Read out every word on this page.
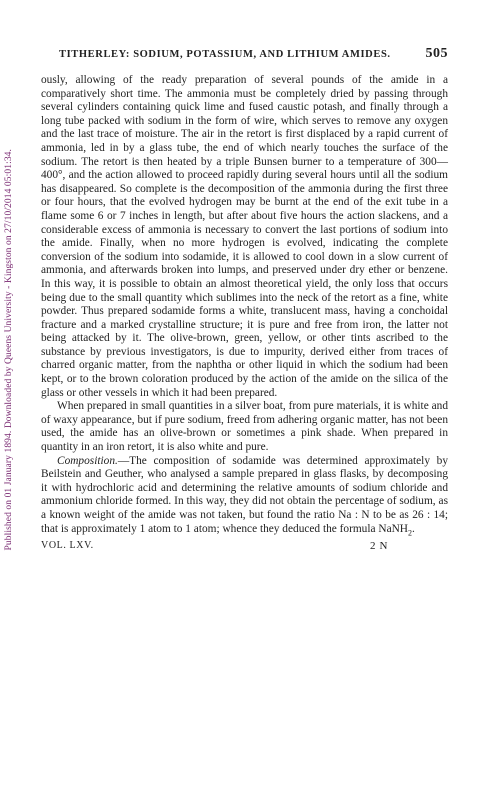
Published on 01 January 1894. Downloaded by Queens University - Kingston on 27/10/2014 05:01:34.
TITHERLEY: SODIUM, POTASSIUM, AND LITHIUM AMIDES. 505

ously, allowing of the ready preparation of several pounds of the amide in a comparatively short time. The ammonia must be completely dried by passing through several cylinders containing quick lime and fused caustic potash, and finally through a long tube packed with sodium in the form of wire, which serves to remove any oxygen and the last trace of moisture. The air in the retort is first displaced by a rapid current of ammonia, led in by a glass tube, the end of which nearly touches the surface of the sodium. The retort is then heated by a triple Bunsen burner to a temperature of 300—400°, and the action allowed to proceed rapidly during several hours until all the sodium has disappeared. So complete is the decomposition of the ammonia during the first three or four hours, that the evolved hydrogen may be burnt at the end of the exit tube in a flame some 6 or 7 inches in length, but after about five hours the action slackens, and a considerable excess of ammonia is necessary to convert the last portions of sodium into the amide. Finally, when no more hydrogen is evolved, indicating the complete conversion of the sodium into sodamide, it is allowed to cool down in a slow current of ammonia, and afterwards broken into lumps, and preserved under dry ether or benzene. In this way, it is possible to obtain an almost theoretical yield, the only loss that occurs being due to the small quantity which sublimes into the neck of the retort as a fine, white powder. Thus prepared sodamide forms a white, translucent mass, having a conchoidal fracture and a marked crystalline structure; it is pure and free from iron, the latter not being attacked by it. The olive-brown, green, yellow, or other tints ascribed to the substance by previous investigators, is due to impurity, derived either from traces of charred organic matter, from the naphtha or other liquid in which the sodium had been kept, or to the brown coloration produced by the action of the amide on the silica of the glass or other vessels in which it had been prepared.

When prepared in small quantities in a silver boat, from pure materials, it is white and of waxy appearance, but if pure sodium, freed from adhering organic matter, has not been used, the amide has an olive-brown or sometimes a pink shade. When prepared in quantity in an iron retort, it is also white and pure.

Composition.—The composition of sodamide was determined approximately by Beilstein and Geuther, who analysed a sample prepared in glass flasks, by decomposing it with hydrochloric acid and determining the relative amounts of sodium chloride and ammonium chloride formed. In this way, they did not obtain the percentage of sodium, as a known weight of the amide was not taken, but found the ratio Na : N to be as 26 : 14; that is approximately 1 atom to 1 atom; whence they deduced the formula NaNH$_2$.

VOL. LXV.	2 N
